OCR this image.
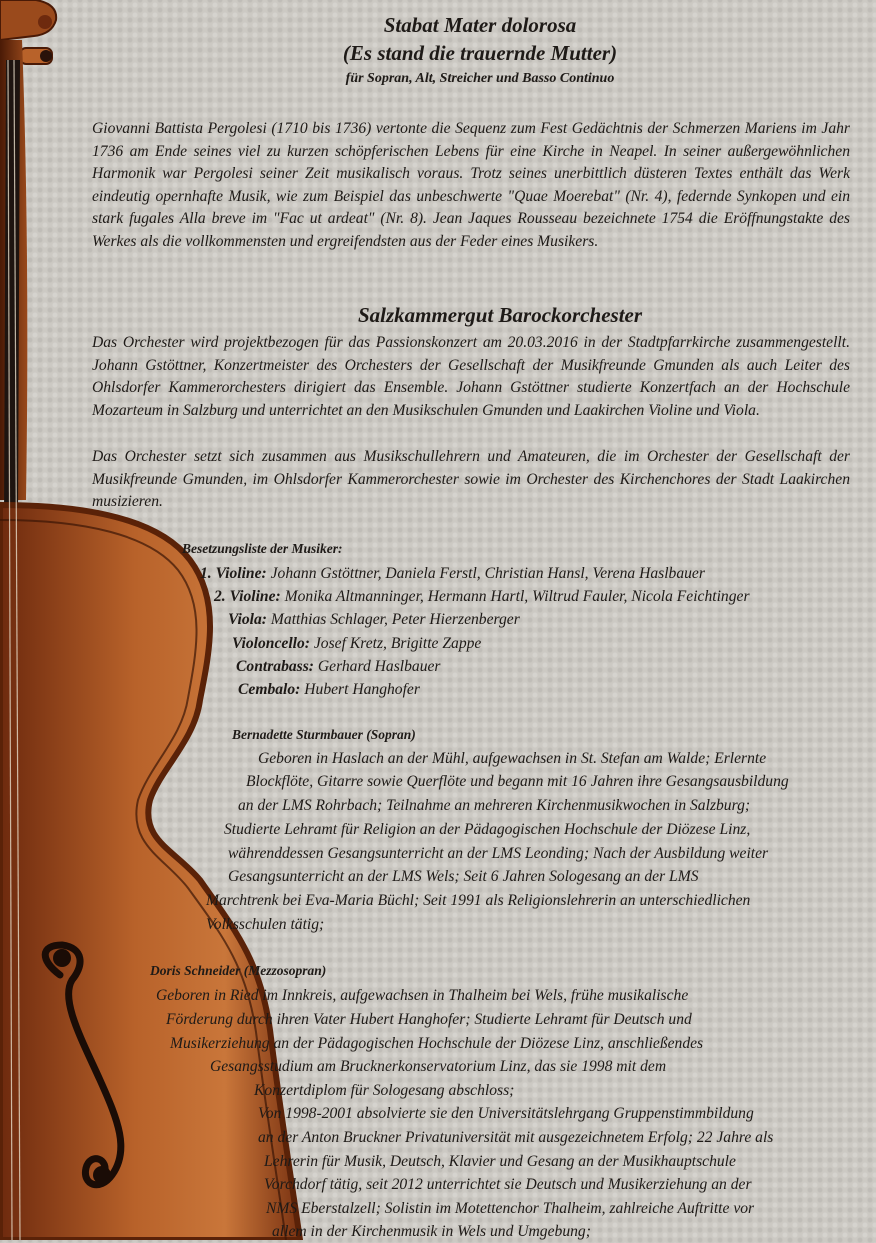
Stabat Mater dolorosa
(Es stand die trauernde Mutter)

für Sopran, Alt, Streicher und Basso Continuo

Giovanni Battista Pergolesi (1710 bis 1736) vertonte die Sequenz zum Fest Gedächtnis der Schmerzen Mariens im Jahr 1736 am Ende seines viel zu kurzen schöpferischen Lebens für eine Kirche in Neapel. In seiner außergewöhnlichen Harmonik war Pergolesi seiner Zeit musikalisch voraus. Trotz seines unerbittlich düsteren Textes enthält das Werk eindeutig opernhafte Musik, wie zum Beispiel das unbeschwerte "Quae Moerebat" (Nr. 4), federnde Synkopen und ein stark fugales Alla breve im "Fac ut ardeat" (Nr. 8). Jean Jaques Rousseau bezeichnete 1754 die Eröffnungstakte des Werkes als die vollkommensten und ergreifendsten aus der Feder eines Musikers.

Salzkammergut Barockorchester

Das Orchester wird projektbezogen für das Passionskonzert am 20.03.2016 in der Stadtpfarrkirche zusammengestellt. Johann Gstöttner, Konzertmeister des Orchesters der Gesellschaft der Musikfreunde Gmunden als auch Leiter des Ohlsdorfer Kammerorchesters dirigiert das Ensemble. Johann Gstöttner studierte Konzertfach an der Hochschule Mozarteum in Salzburg und unterrichtet an den Musikschulen Gmunden und Laakirchen Violine und Viola.

Das Orchester setzt sich zusammen aus Musikschullehrern und Amateuren, die im Orchester der Gesellschaft der Musikfreunde Gmunden, im Ohlsdorfer Kammerorchester sowie im Orchester des Kirchenchores der Stadt Laakirchen musizieren.

Besetzungsliste der Musiker:

1. Violine: Johann Gstöttner, Daniela Ferstl, Christian Hansl, Verena Haslbauer
2. Violine: Monika Altmanninger, Hermann Hartl, Wiltrud Fauler, Nicola Feichtinger
Viola: Matthias Schlager, Peter Hierzenberger
Violoncello: Josef Kretz, Brigitte Zappe
Contrabass: Gerhard Haslbauer
Cembalo: Hubert Hanghofer

Bernadette Sturmbauer (Sopran)

Geboren in Haslach an der Mühl, aufgewachsen in St. Stefan am Walde; Erlernte
Blockflöte, Gitarre sowie Querflöte und begann mit 16 Jahren ihre Gesangsausbildung
an der LMS Rohrbach; Teilnahme an mehreren Kirchenmusikwochen in Salzburg;
Studierte Lehramt für Religion an der Pädagogischen Hochschule der Diözese Linz,
währenddessen Gesangsunterricht an der LMS Leonding; Nach der Ausbildung weiter
Gesangsunterricht an der LMS Wels; Seit 6 Jahren Sologesang an der LMS
Marchtrenk bei Eva-Maria Büchl; Seit 1991 als Religionslehrerin an unterschiedlichen
Volksschulen tätig;

Doris Schneider (Mezzosopran)

Geboren in Ried im Innkreis, aufgewachsen in Thalheim bei Wels, frühe musikalische
Förderung durch ihren Vater Hubert Hanghofer; Studierte Lehramt für Deutsch und
Musikerziehung an der Pädagogischen Hochschule der Diözese Linz, anschließendes
Gesangsstudium am Brucknerkonservatorium Linz, das sie 1998 mit dem
Konzertdiplom für Sologesang abschloss;
Von 1998-2001 absolvierte sie den Universitätslehrgang Gruppenstimmbildung
an der Anton Bruckner Privatuniversität mit ausgezeichnetem Erfolg; 22 Jahre als
Lehrerin für Musik, Deutsch, Klavier und Gesang an der Musikhauptschule
Vorchdorf tätig, seit 2012 unterrichtet sie Deutsch und Musikerziehung an der
NMS Eberstalzell; Solistin im Motettenchor Thalheim, zahlreiche Auftritte vor
allem in der Kirchenmusik in Wels und Umgebung;
